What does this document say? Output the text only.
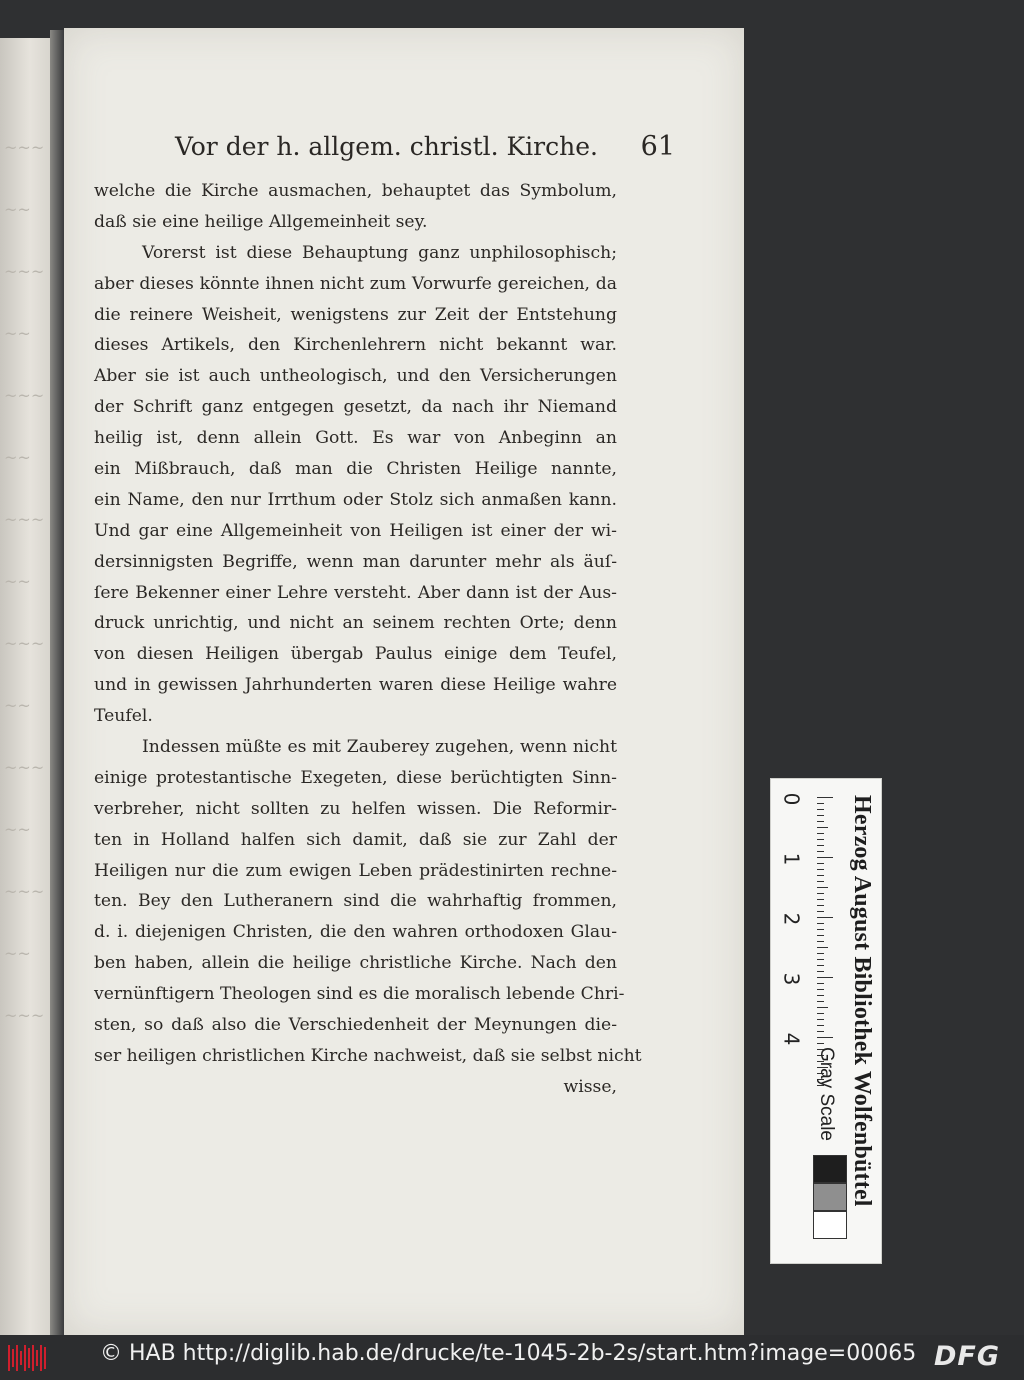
~~~
~~
~~~
~~
~~~
~~
~~~
~~
~~~
~~
~~~
~~
~~~
~~
~~~
Vor der h. allgem. christl. Kirche. 61
welche die Kirche ausmachen, behauptet das Symbolum,
daß sie eine heilige Allgemeinheit sey.
Vorerst ist diese Behauptung ganz unphilosophisch;
aber dieses könnte ihnen nicht zum Vorwurfe gereichen, da
die reinere Weisheit, wenigstens zur Zeit der Entstehung
dieses Artikels, den Kirchenlehrern nicht bekannt war.
Aber sie ist auch untheologisch, und den Versicherungen
der Schrift ganz entgegen gesetzt, da nach ihr Niemand
heilig ist, denn allein Gott. Es war von Anbeginn an
ein Mißbrauch, daß man die Christen Heilige nannte,
ein Name, den nur Irrthum oder Stolz sich anmaßen kann.
Und gar eine Allgemeinheit von Heiligen ist einer der wi-
dersinnigsten Begriffe, wenn man darunter mehr als äuſ-
ſere Bekenner einer Lehre versteht. Aber dann ist der Aus-
druck unrichtig, und nicht an seinem rechten Orte; denn
von diesen Heiligen übergab Paulus einige dem Teufel,
und in gewissen Jahrhunderten waren diese Heilige wahre
Teufel.
Indessen müßte es mit Zauberey zugehen, wenn nicht
einige protestantische Exegeten, diese berüchtigten Sinn-
verbreher, nicht sollten zu helfen wissen. Die Reformir-
ten in Holland halfen sich damit, daß sie zur Zahl der
Heiligen nur die zum ewigen Leben prädestinirten rechne-
ten. Bey den Lutheranern sind die wahrhaftig frommen,
d. i. diejenigen Christen, die den wahren orthodoxen Glau-
ben haben, allein die heilige christliche Kirche. Nach den
vernünftigern Theologen sind es die moralisch lebende Chri-
sten, so daß also die Verschiedenheit der Meynungen die-
ser heiligen christlichen Kirche nachweist, daß sie selbst nicht
wisse,
0
1
2
3
4	Herzog August Bibliothek Wolfenbüttel
Gray Scale
© HAB http://diglib.hab.de/drucke/te-1045-2b-2s/start.htm?image=00065 DFG
